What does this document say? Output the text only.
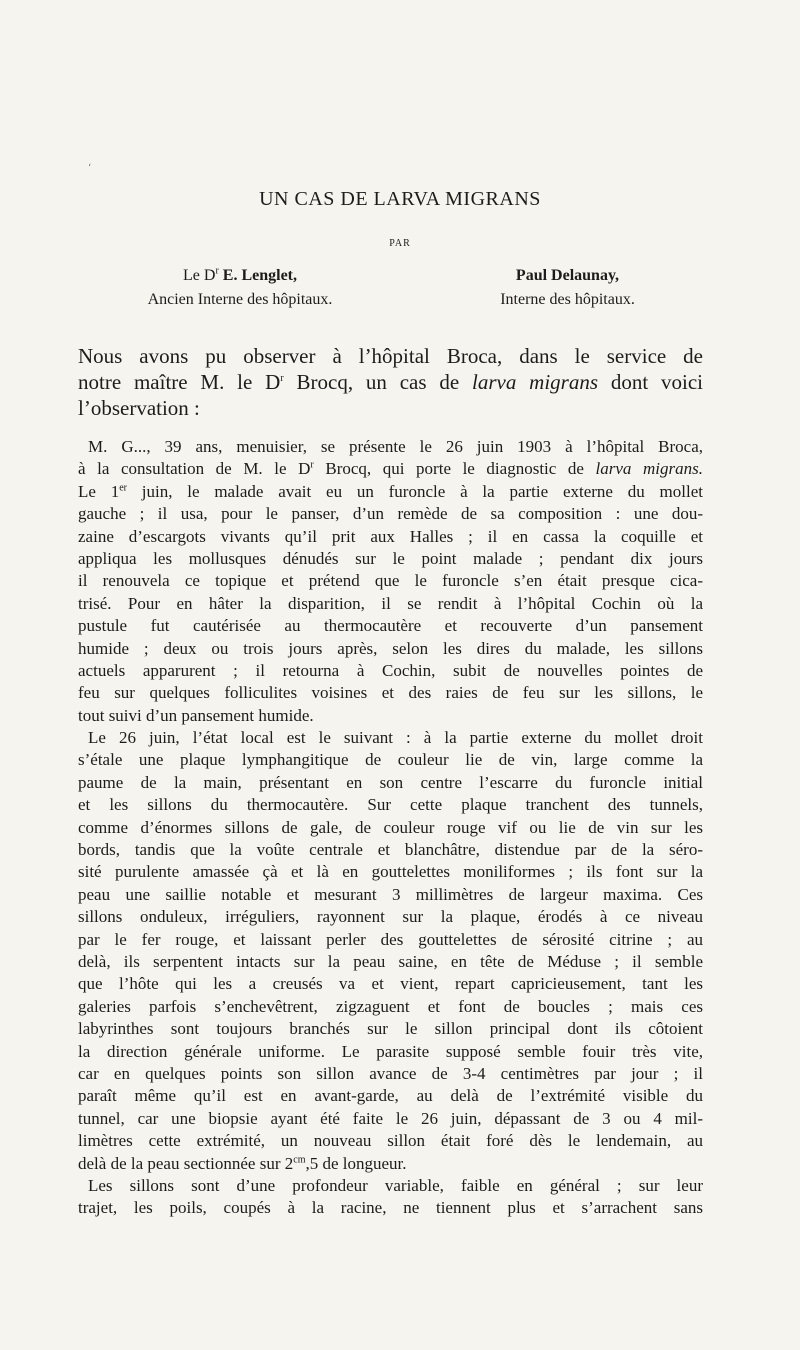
‘
UN CAS DE LARVA MIGRANS
PAR
Le $D^r$ E. Lenglet,
Ancien Interne des hôpitaux.
Paul Delaunay,
Interne des hôpitaux.
Nous avons pu observer à l’hôpital Broca, dans le service de
notre maître M. le $D^r$ Brocq, un cas de larva migrans dont voici
l’observation :
M. G..., 39 ans, menuisier, se présente le 26 juin 1903 à l’hôpital Broca,
à la consultation de M. le $D^r$ Brocq, qui porte le diagnostic de larva migrans.
Le 1er juin, le malade avait eu un furoncle à la partie externe du mollet
gauche ; il usa, pour le panser, d’un remède de sa composition : une dou-
zaine d’escargots vivants qu’il prit aux Halles ; il en cassa la coquille et
appliqua les mollusques dénudés sur le point malade ; pendant dix jours
il renouvela ce topique et prétend que le furoncle s’en était presque cica-
trisé. Pour en hâter la disparition, il se rendit à l’hôpital Cochin où la
pustule fut cautérisée au thermocautère et recouverte d’un pansement
humide ; deux ou trois jours après, selon les dires du malade, les sillons
actuels apparurent ; il retourna à Cochin, subit de nouvelles pointes de
feu sur quelques folliculites voisines et des raies de feu sur les sillons, le
tout suivi d’un pansement humide.
Le 26 juin, l’état local est le suivant : à la partie externe du mollet droit
s’étale une plaque lymphangitique de couleur lie de vin, large comme la
paume de la main, présentant en son centre l’escarre du furoncle initial
et les sillons du thermocautère. Sur cette plaque tranchent des tunnels,
comme d’énormes sillons de gale, de couleur rouge vif ou lie de vin sur les
bords, tandis que la voûte centrale et blanchâtre, distendue par de la séro-
sité purulente amassée çà et là en gouttelettes moniliformes ; ils font sur la
peau une saillie notable et mesurant 3 millimètres de largeur maxima. Ces
sillons onduleux, irréguliers, rayonnent sur la plaque, érodés à ce niveau
par le fer rouge, et laissant perler des gouttelettes de sérosité citrine ; au
delà, ils serpentent intacts sur la peau saine, en tête de Méduse ; il semble
que l’hôte qui les a creusés va et vient, repart capricieusement, tant les
galeries parfois s’enchevêtrent, zigzaguent et font de boucles ; mais ces
labyrinthes sont toujours branchés sur le sillon principal dont ils côtoient
la direction générale uniforme. Le parasite supposé semble fouir très vite,
car en quelques points son sillon avance de 3-4 centimètres par jour ; il
paraît même qu’il est en avant-garde, au delà de l’extrémité visible du
tunnel, car une biopsie ayant été faite le 26 juin, dépassant de 3 ou 4 mil-
limètres cette extrémité, un nouveau sillon était foré dès le lendemain, au
delà de la peau sectionnée sur $2^{cm},5$ de longueur.
Les sillons sont d’une profondeur variable, faible en général ; sur leur
trajet, les poils, coupés à la racine, ne tiennent plus et s’arrachent sans
